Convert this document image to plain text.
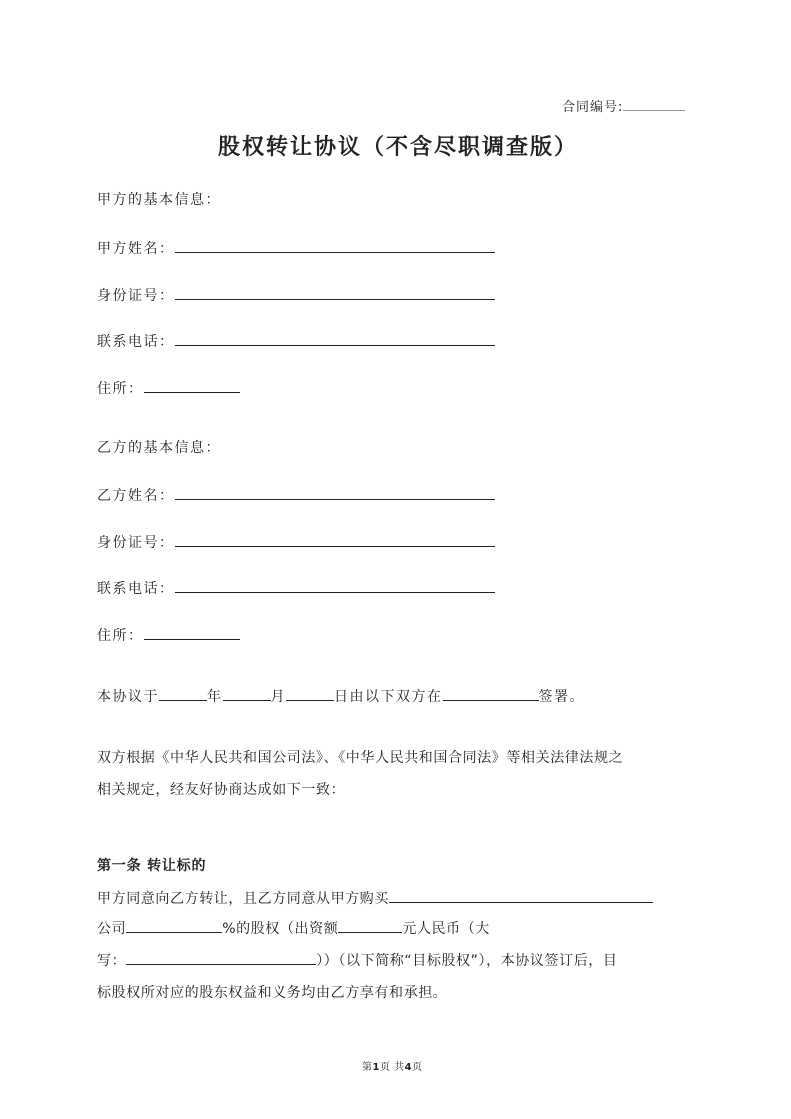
合同编号:
股权转让协议（不含尽职调查版）
甲方的基本信息：
甲方姓名：
身份证号：
联系电话：
住所：
乙方的基本信息：
乙方姓名：
身份证号：
联系电话：
住所：
本协议于	年	月	日由以下双方在	签署。
双方根据《中华人民共和国公司法》、《中华人民共和国合同法》等相关法律法规之
相关规定，经友好协商达成如下一致：
第一条 转让标的
甲方同意向乙方转让，且乙方同意从甲方购买
公司	%的股权（出资额	元人民币（大
写：	））（以下简称“目标股权”），本协议签订后，目
标股权所对应的股东权益和义务均由乙方享有和承担。
第1页 共4页
